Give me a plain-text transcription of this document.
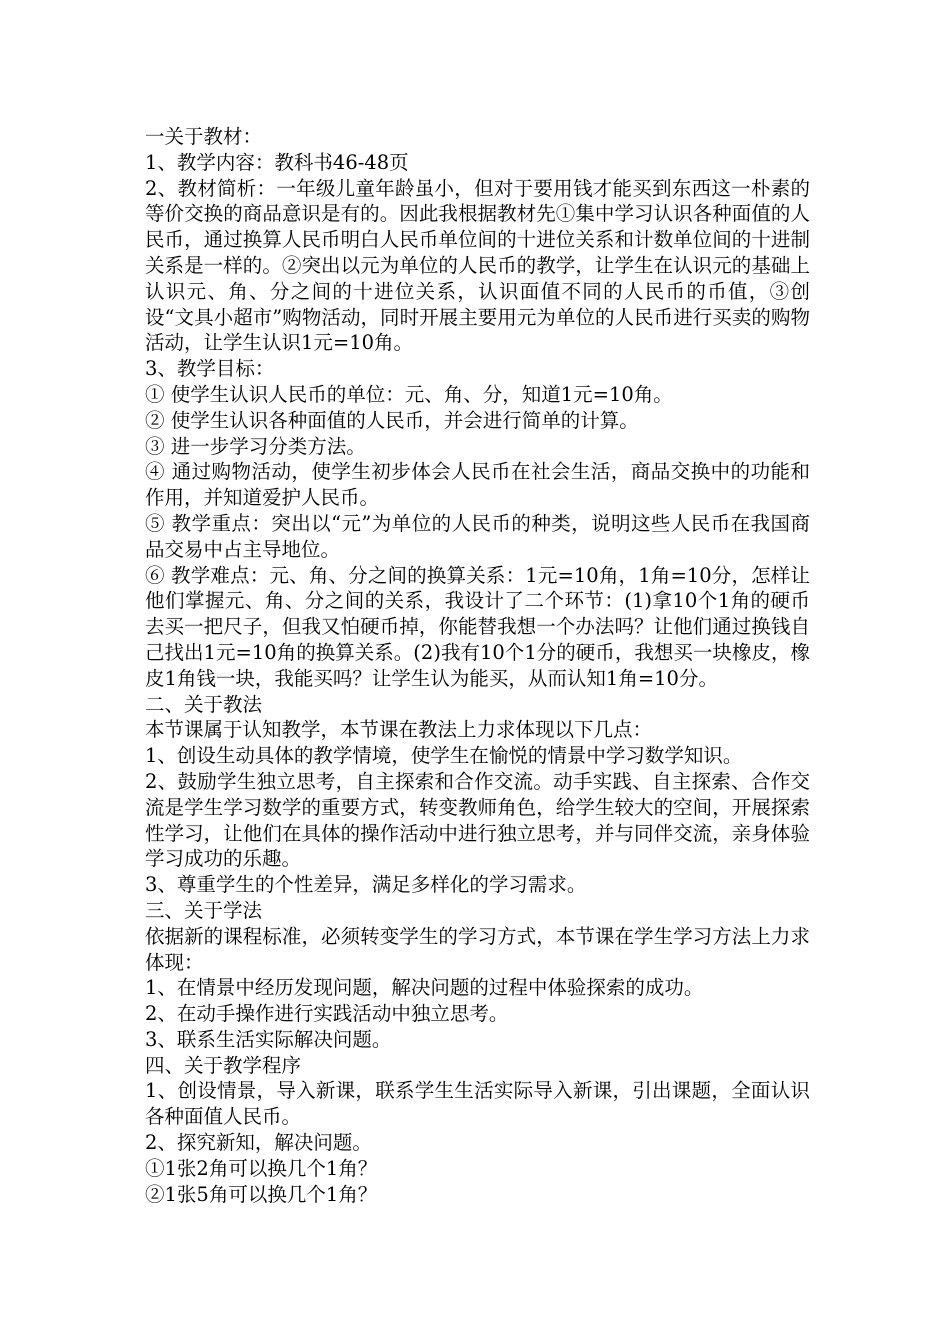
一关于教材：

1、教学内容：教科书46-48页

2、教材简析：一年级儿童年龄虽小，但对于要用钱才能买到东西这一朴素的等价交换的商品意识是有的。因此我根据教材先①集中学习认识各种面值的人民币，通过换算人民币明白人民币单位间的十进位关系和计数单位间的十进制关系是一样的。②突出以元为单位的人民币的教学，让学生在认识元的基础上认识元、角、分之间的十进位关系，认识面值不同的人民币的币值，③创设“文具小超市”购物活动，同时开展主要用元为单位的人民币进行买卖的购物活动，让学生认识1元=10角。

3、教学目标：

① 使学生认识人民币的单位：元、角、分，知道1元=10角。

② 使学生认识各种面值的人民币，并会进行简单的计算。

③ 进一步学习分类方法。

④ 通过购物活动，使学生初步体会人民币在社会生活，商品交换中的功能和作用，并知道爱护人民币。

⑤ 教学重点：突出以“元”为单位的人民币的种类，说明这些人民币在我国商品交易中占主导地位。

⑥ 教学难点：元、角、分之间的换算关系：1元=10角，1角=10分，怎样让他们掌握元、角、分之间的关系，我设计了二个环节：(1)拿10个1角的硬币去买一把尺子，但我又怕硬币掉，你能替我想一个办法吗？让他们通过换钱自己找出1元=10角的换算关系。(2)我有10个1分的硬币，我想买一块橡皮，橡皮1角钱一块，我能买吗？让学生认为能买，从而认知1角=10分。

二、关于教法

本节课属于认知教学，本节课在教法上力求体现以下几点：

1、创设生动具体的教学情境，使学生在愉悦的情景中学习数学知识。

2、鼓励学生独立思考，自主探索和合作交流。动手实践、自主探索、合作交流是学生学习数学的重要方式，转变教师角色，给学生较大的空间，开展探索性学习，让他们在具体的操作活动中进行独立思考，并与同伴交流，亲身体验学习成功的乐趣。

3、尊重学生的个性差异，满足多样化的学习需求。

三、关于学法

依据新的课程标准，必须转变学生的学习方式，本节课在学生学习方法上力求体现：

1、在情景中经历发现问题，解决问题的过程中体验探索的成功。

2、在动手操作进行实践活动中独立思考。

3、联系生活实际解决问题。

四、关于教学程序

1、创设情景，导入新课，联系学生生活实际导入新课，引出课题，全面认识各种面值人民币。

2、探究新知，解决问题。

①1张2角可以换几个1角？

②1张5角可以换几个1角？
